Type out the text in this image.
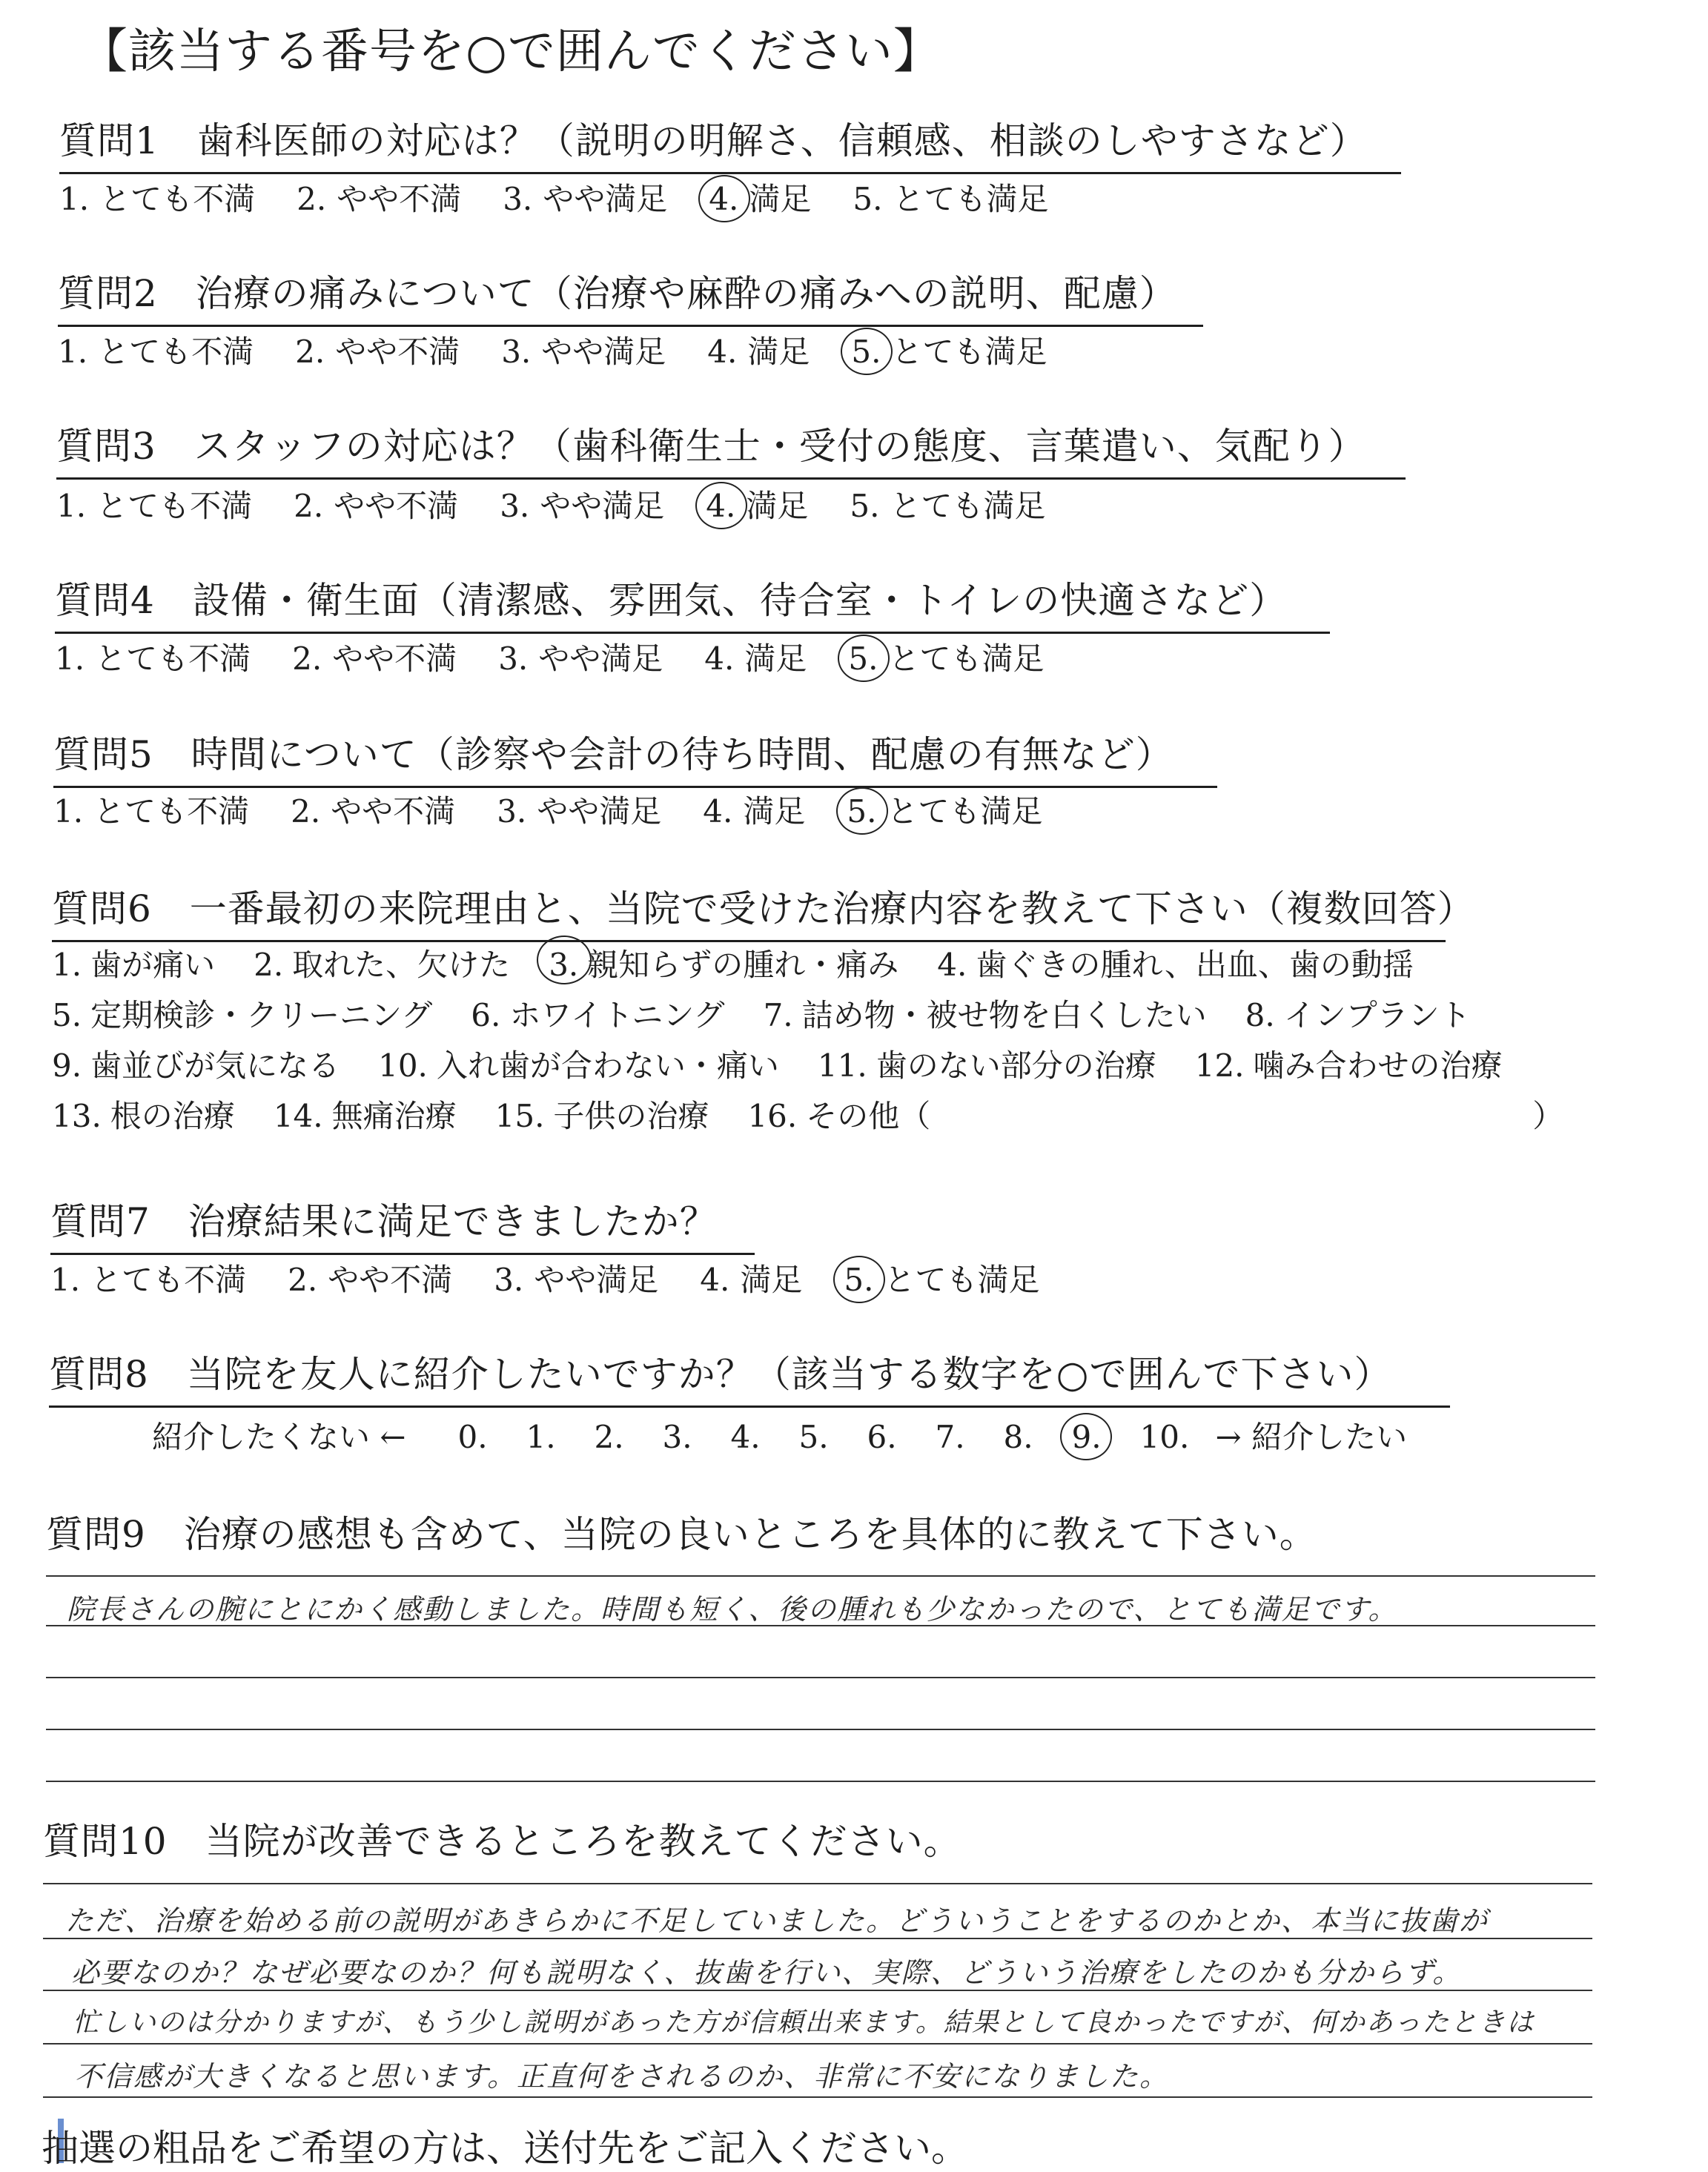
【該当する番号を○で囲んでください】
質問1　歯科医師の対応は？（説明の明解さ、信頼感、相談のしやすさなど）
1. とても不満 2. やや不満 3. やや満足 4. 満足 5. とても満足
質問2　治療の痛みについて（治療や麻酔の痛みへの説明、配慮）
1. とても不満 2. やや不満 3. やや満足 4. 満足 5. とても満足
質問3　スタッフの対応は？（歯科衛生士・受付の態度、言葉遣い、気配り）
1. とても不満 2. やや不満 3. やや満足 4. 満足 5. とても満足
質問4　設備・衛生面（清潔感、雰囲気、待合室・トイレの快適さなど）
1. とても不満 2. やや不満 3. やや満足 4. 満足 5. とても満足
質問5　時間について（診察や会計の待ち時間、配慮の有無など）
1. とても不満 2. やや不満 3. やや満足 4. 満足 5. とても満足
質問6　一番最初の来院理由と、当院で受けた治療内容を教えて下さい（複数回答）
1. 歯が痛い 2. 取れた、欠けた 3. 親知らずの腫れ・痛み 4. 歯ぐきの腫れ、出血、歯の動揺
5. 定期検診・クリーニング 6. ホワイトニング 7. 詰め物・被せ物を白くしたい 8. インプラント
9. 歯並びが気になる 10. 入れ歯が合わない・痛い 11. 歯のない部分の治療 12. 噛み合わせの治療
13. 根の治療 14. 無痛治療 15. 子供の治療 16. その他（	）
質問7　治療結果に満足できましたか？
1. とても不満 2. やや不満 3. やや満足 4. 満足 5. とても満足
質問8　当院を友人に紹介したいですか？（該当する数字を○で囲んで下さい）
紹介したくない ← 0. 1. 2. 3. 4. 5. 6. 7. 8. 9. 10. → 紹介したい
質問9　治療の感想も含めて、当院の良いところを具体的に教えて下さい。
院長さんの腕にとにかく感動しました。時間も短く、後の腫れも少なかったので、とても満足です。
質問10　当院が改善できるところを教えてください。
ただ、治療を始める前の説明があきらかに不足していました。どういうことをするのかとか、本当に抜歯が
必要なのか？なぜ必要なのか？何も説明なく、抜歯を行い、実際、どういう治療をしたのかも分からず。
忙しいのは分かりますが、もう少し説明があった方が信頼出来ます。結果として良かったですが、何かあったときは
不信感が大きくなると思います。正直何をされるのか、非常に不安になりました。
抽選の粗品をご希望の方は、送付先をご記入ください。
